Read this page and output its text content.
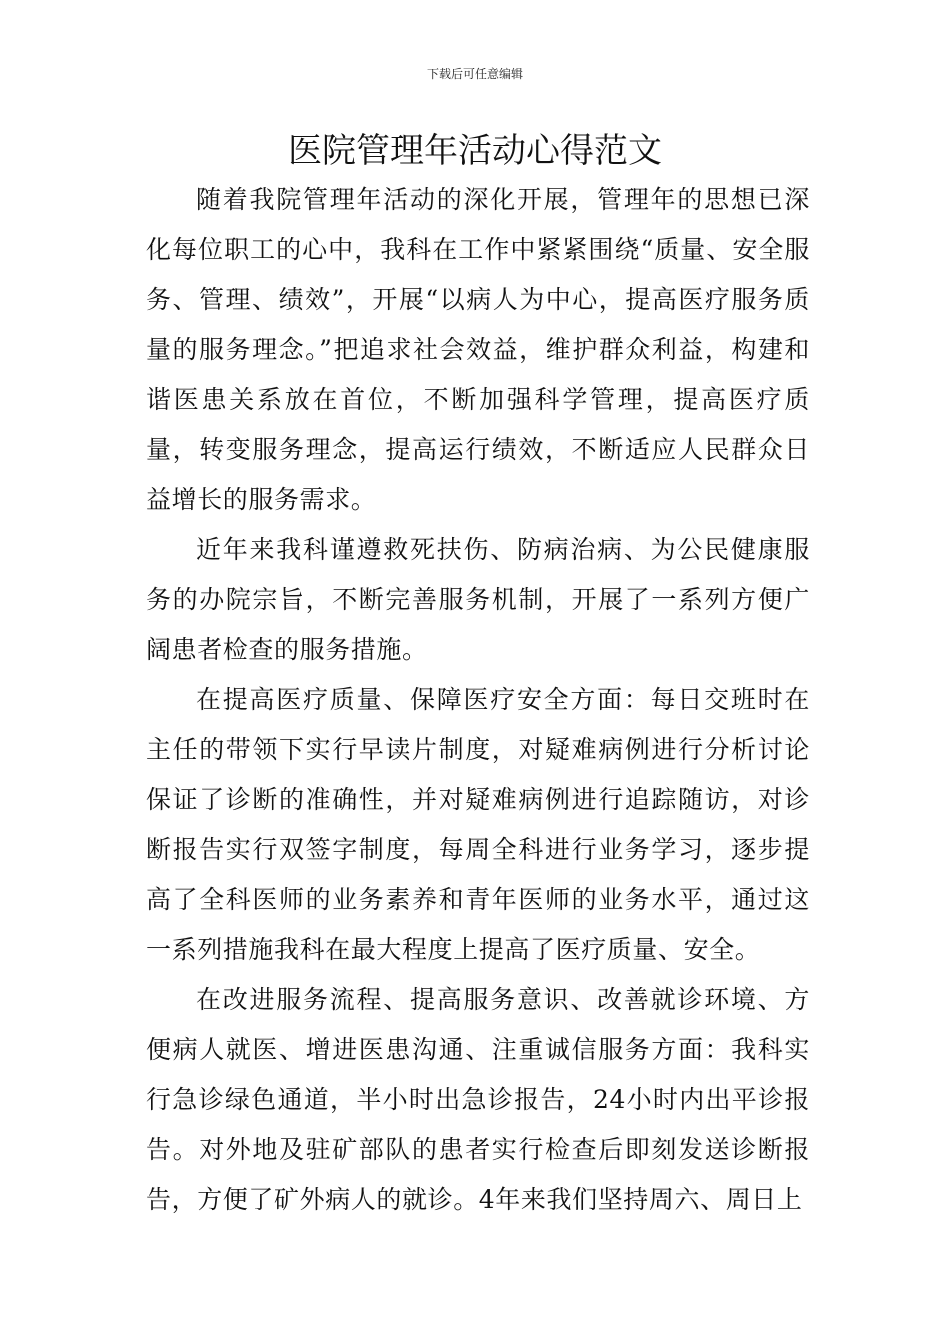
下载后可任意编辑
医院管理年活动心得范文

随着我院管理年活动的深化开展，管理年的思想已深化每位职工的心中，我科在工作中紧紧围绕“质量、安全服务、管理、绩效”，开展“以病人为中心，提高医疗服务质量的服务理念。”把追求社会效益，维护群众利益，构建和谐医患关系放在首位，不断加强科学管理，提高医疗质量，转变服务理念，提高运行绩效，不断适应人民群众日益增长的服务需求。

近年来我科谨遵救死扶伤、防病治病、为公民健康服务的办院宗旨，不断完善服务机制，开展了一系列方便广阔患者检查的服务措施。

在提高医疗质量、保障医疗安全方面：每日交班时在主任的带领下实行早读片制度，对疑难病例进行分析讨论保证了诊断的准确性，并对疑难病例进行追踪随访，对诊断报告实行双签字制度，每周全科进行业务学习，逐步提高了全科医师的业务素养和青年医师的业务水平，通过这一系列措施我科在最大程度上提高了医疗质量、安全。

在改进服务流程、提高服务意识、改善就诊环境、方便病人就医、增进医患沟通、注重诚信服务方面：我科实行急诊绿色通道，半小时出急诊报告，24小时内出平诊报告。对外地及驻矿部队的患者实行检查后即刻发送诊断报告，方便了矿外病人的就诊。4年来我们坚持周六、周日上
